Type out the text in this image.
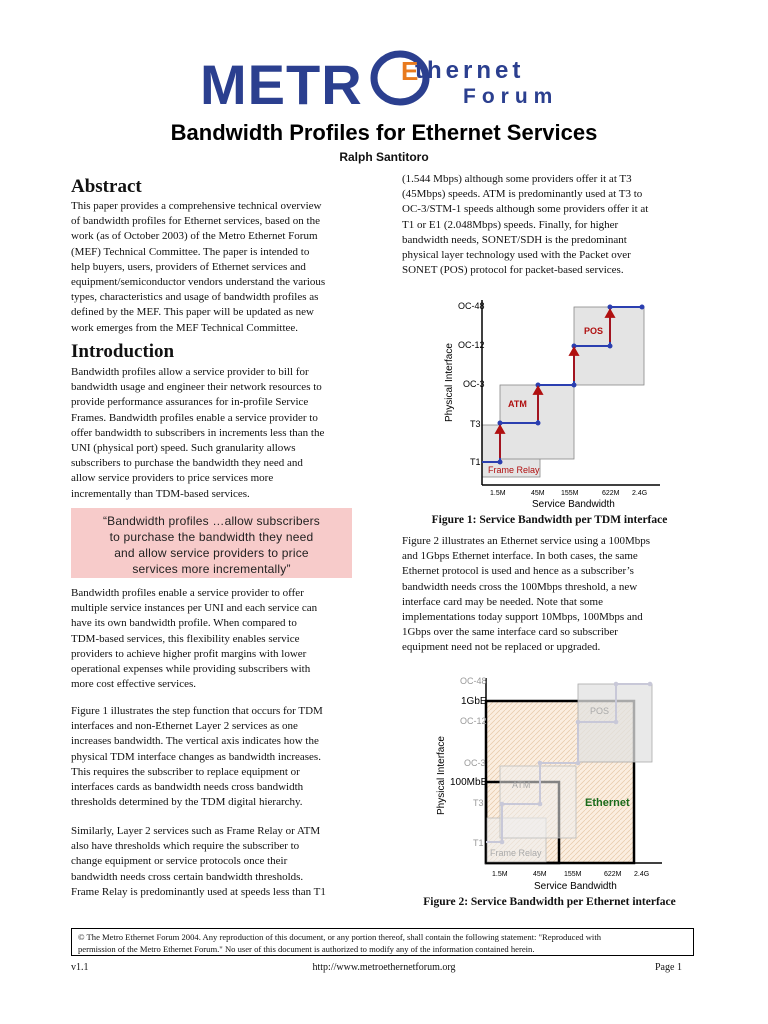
METR E
thernet
Forum
Bandwidth Profiles for Ethernet Services
Ralph Santitoro
Abstract
This paper provides a comprehensive technical overview
of bandwidth profiles for Ethernet services, based on the
work (as of October 2003) of the Metro Ethernet Forum
(MEF) Technical Committee. The paper is intended to
help buyers, users, providers of Ethernet services and
equipment/semiconductor vendors understand the various
types, characteristics and usage of bandwidth profiles as
defined by the MEF. This paper will be updated as new
work emerges from the MEF Technical Committee.
Introduction
Bandwidth profiles allow a service provider to bill for
bandwidth usage and engineer their network resources to
provide performance assurances for in-profile Service
Frames. Bandwidth profiles enable a service provider to
offer bandwidth to subscribers in increments less than the
UNI (physical port) speed. Such granularity allows
subscribers to purchase the bandwidth they need and
allow service providers to price services more
incrementally than TDM-based services.
“Bandwidth profiles …allow subscribers
to purchase the bandwidth they need
and allow service providers to price
services more incrementally”
Bandwidth profiles enable a service provider to offer
multiple service instances per UNI and each service can
have its own bandwidth profile. When compared to
TDM-based services, this flexibility enables service
providers to achieve higher profit margins with lower
operational expenses while providing subscribers with
more cost effective services.
Figure 1 illustrates the step function that occurs for TDM
interfaces and non-Ethernet Layer 2 services as one
increases bandwidth. The vertical axis indicates how the
physical TDM interface changes as bandwidth increases.
This requires the subscriber to replace equipment or
interfaces cards as bandwidth needs cross bandwidth
thresholds determined by the TDM digital hierarchy.
Similarly, Layer 2 services such as Frame Relay or ATM
also have thresholds which require the subscriber to
change equipment or service protocols once their
bandwidth needs cross certain bandwidth thresholds.
Frame Relay is predominantly used at speeds less than T1
(1.544 Mbps) although some providers offer it at T3
(45Mbps) speeds. ATM is predominantly used at T3 to
OC-3/STM-1 speeds although some providers offer it at
T1 or E1 (2.048Mbps) speeds. Finally, for higher
bandwidth needs, SONET/SDH is the predominant
physical layer technology used with the Packet over
SONET (POS) protocol for packet-based services.
Physical Interface
OC-48
OC-12
OC-3
T3
T1
1.5M	45M 155M	622M 2.4G
Service Bandwidth
Frame Relay
ATM
POS
Figure 1: Service Bandwidth per TDM interface
Figure 2 illustrates an Ethernet service using a 100Mbps
and 1Gbps Ethernet interface. In both cases, the same
Ethernet protocol is used and hence as a subscriber’s
bandwidth needs cross the 100Mbps threshold, a new
interface card may be needed. Note that some
implementations today support 10Mbps, 100Mbps and
1Gbps over the same interface card so subscriber
equipment need not be replaced or upgraded.
Physical Interface
OC-48
1GbE
OC-12
OC-3
100MbE
T3
T1
1.5M	45M 155M	622M 2.4G
Service Bandwidth
Frame Relay
ATM
POS
Ethernet
Figure 2: Service Bandwidth per Ethernet interface
© The Metro Ethernet Forum 2004. Any reproduction of this document, or any portion thereof, shall contain the following statement: "Reproduced with
permission of the Metro Ethernet Forum." No user of this document is authorized to modify any of the information contained herein.
v1.1	http://www.metroethernetforum.org	Page 1
